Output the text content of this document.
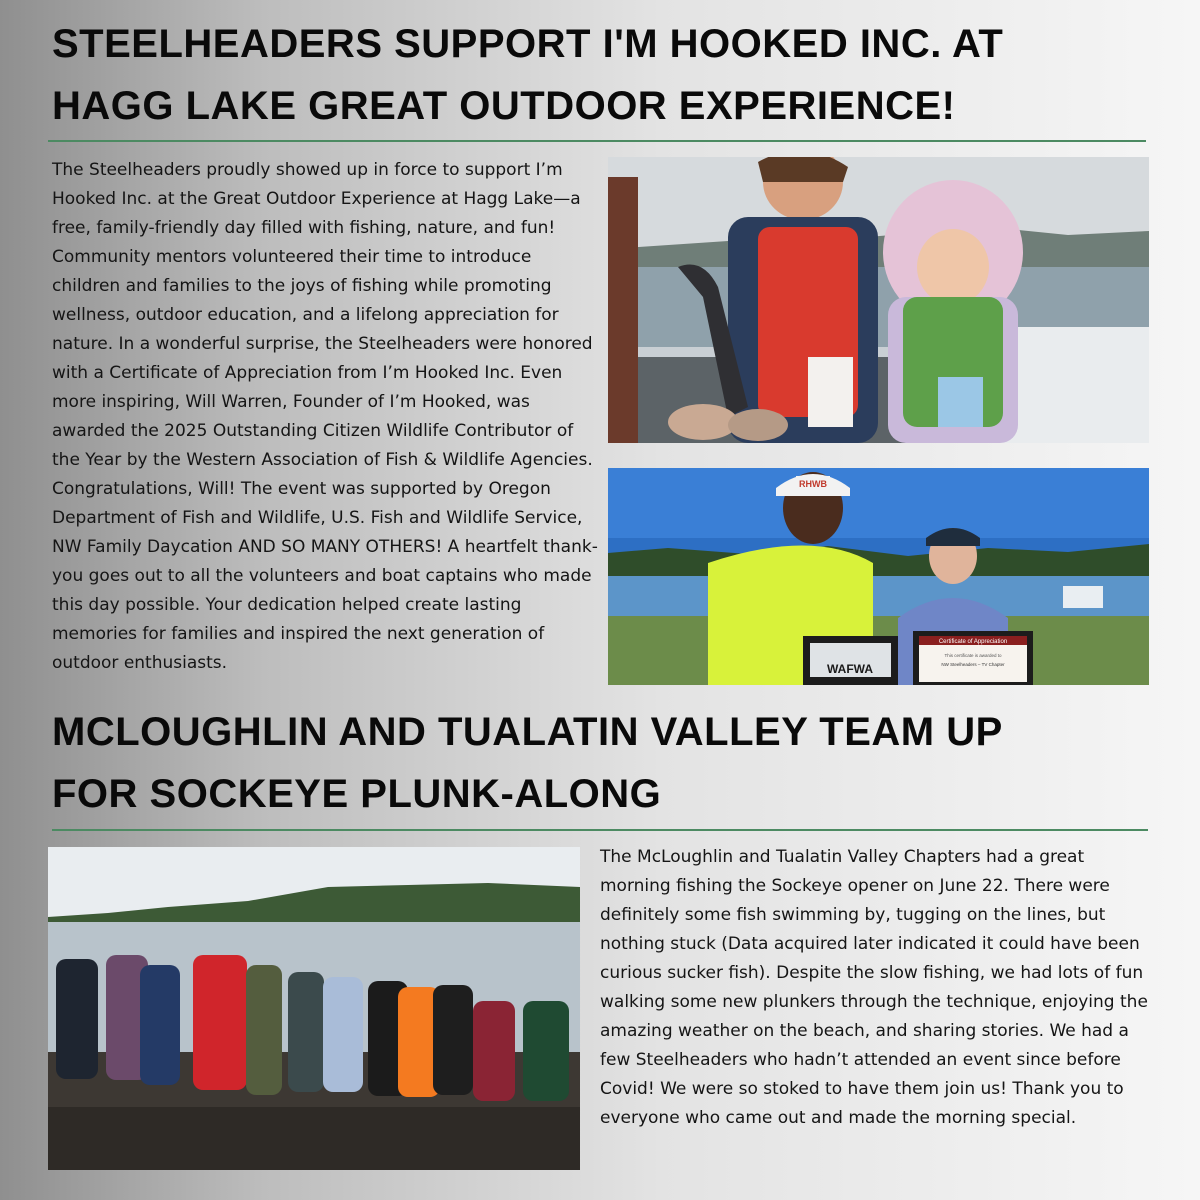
STEELHEADERS SUPPORT I'M HOOKED INC. AT
HAGG LAKE GREAT OUTDOOR EXPERIENCE!

The Steelheaders proudly showed up in force to support I’m Hooked Inc. at the Great Outdoor Experience at Hagg Lake—a free, family-friendly day filled with fishing, nature, and fun! Community mentors volunteered their time to introduce children and families to the joys of fishing while promoting wellness, outdoor education, and a lifelong appreciation for nature. In a wonderful surprise, the Steelheaders were honored with a Certificate of Appreciation from I’m Hooked Inc. Even more inspiring, Will Warren, Founder of I’m Hooked, was awarded the 2025 Outstanding Citizen Wildlife Contributor of the Year by the Western Association of Fish & Wildlife Agencies. Congratulations, Will! The event was supported by Oregon Department of Fish and Wildlife, U.S. Fish and Wildlife Service, NW Family Daycation AND SO MANY OTHERS! A heartfelt thank-you goes out to all the volunteers and boat captains who made this day possible. Your dedication helped create lasting memories for families and inspired the next generation of outdoor enthusiasts.

RHWB
WAFWA
Certificate of Appreciation
This certificate is awarded to
NW Steelheaders – TV Chapter
MCLOUGHLIN AND TUALATIN VALLEY TEAM UP
FOR SOCKEYE PLUNK-ALONG

The McLoughlin and Tualatin Valley Chapters had a great morning fishing the Sockeye opener on June 22. There were definitely some fish swimming by, tugging on the lines, but nothing stuck (Data acquired later indicated it could have been curious sucker fish). Despite the slow fishing, we had lots of fun walking some new plunkers through the technique, enjoying the amazing weather on the beach, and sharing stories. We had a few Steelheaders who hadn’t attended an event since before Covid! We were so stoked to have them join us! Thank you to everyone who came out and made the morning special.
